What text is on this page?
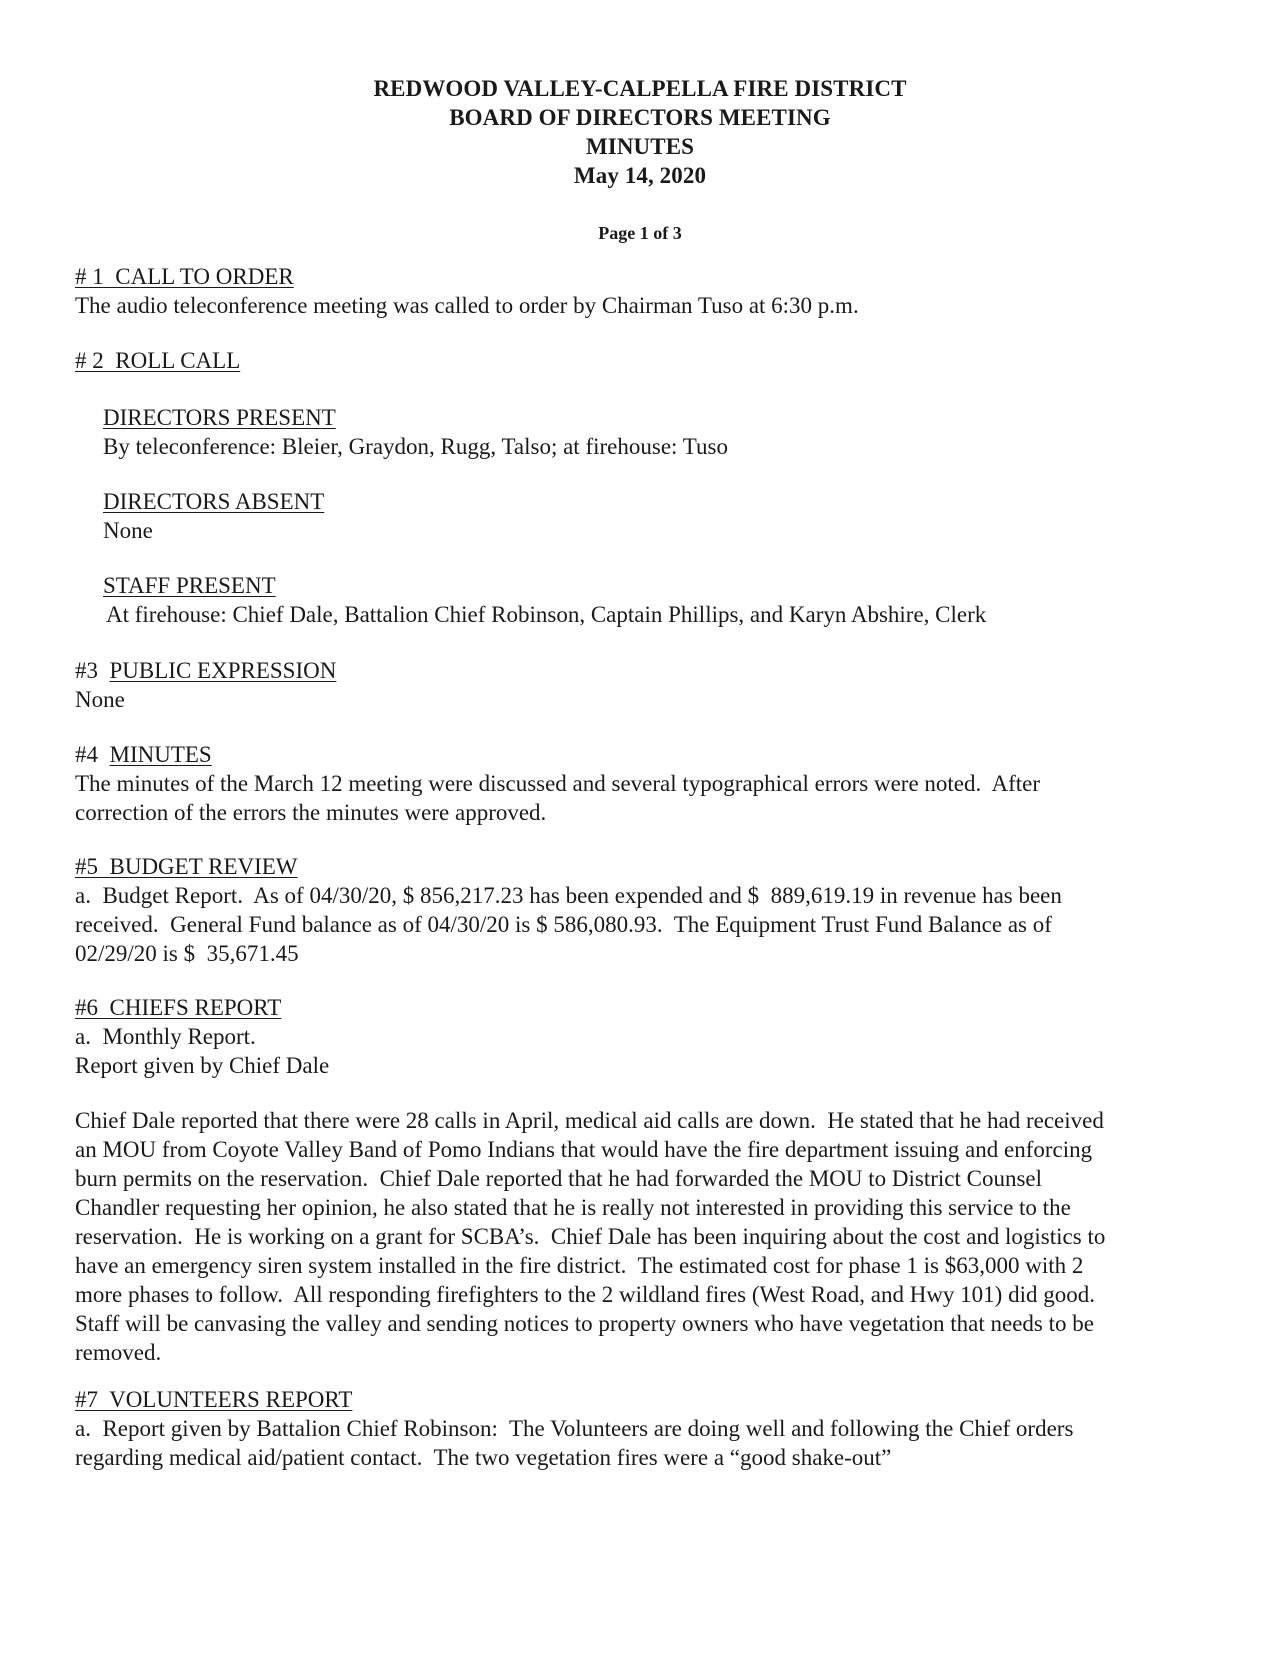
REDWOOD VALLEY-CALPELLA FIRE DISTRICT
BOARD OF DIRECTORS MEETING
MINUTES
May 14, 2020
Page 1 of 3

# 1  CALL TO ORDER

The audio teleconference meeting was called to order by Chairman Tuso at 6:30 p.m.

# 2  ROLL CALL

DIRECTORS PRESENT

By teleconference: Bleier, Graydon, Rugg, Talso; at firehouse: Tuso

DIRECTORS ABSENT

None

STAFF PRESENT

At firehouse: Chief Dale, Battalion Chief Robinson, Captain Phillips, and Karyn Abshire, Clerk

#3 PUBLIC EXPRESSION

None

#4 MINUTES

The minutes of the March 12 meeting were discussed and several typographical errors were noted.  After

correction of the errors the minutes were approved.

#5  BUDGET REVIEW

a.  Budget Report.  As of 04/30/20, $ 856,217.23 has been expended and $  889,619.19 in revenue has been

received.  General Fund balance as of 04/30/20 is $ 586,080.93.  The Equipment Trust Fund Balance as of

02/29/20 is $  35,671.45

#6  CHIEFS REPORT

a.  Monthly Report.

Report given by Chief Dale

Chief Dale reported that there were 28 calls in April, medical aid calls are down.  He stated that he had received

an MOU from Coyote Valley Band of Pomo Indians that would have the fire department issuing and enforcing

burn permits on the reservation.  Chief Dale reported that he had forwarded the MOU to District Counsel

Chandler requesting her opinion, he also stated that he is really not interested in providing this service to the

reservation.  He is working on a grant for SCBA’s.  Chief Dale has been inquiring about the cost and logistics to

have an emergency siren system installed in the fire district.  The estimated cost for phase 1 is $63,000 with 2

more phases to follow.  All responding firefighters to the 2 wildland fires (West Road, and Hwy 101) did good.

Staff will be canvasing the valley and sending notices to property owners who have vegetation that needs to be

removed.

#7  VOLUNTEERS REPORT

a.  Report given by Battalion Chief Robinson:  The Volunteers are doing well and following the Chief orders

regarding medical aid/patient contact.  The two vegetation fires were a “good shake-out”
